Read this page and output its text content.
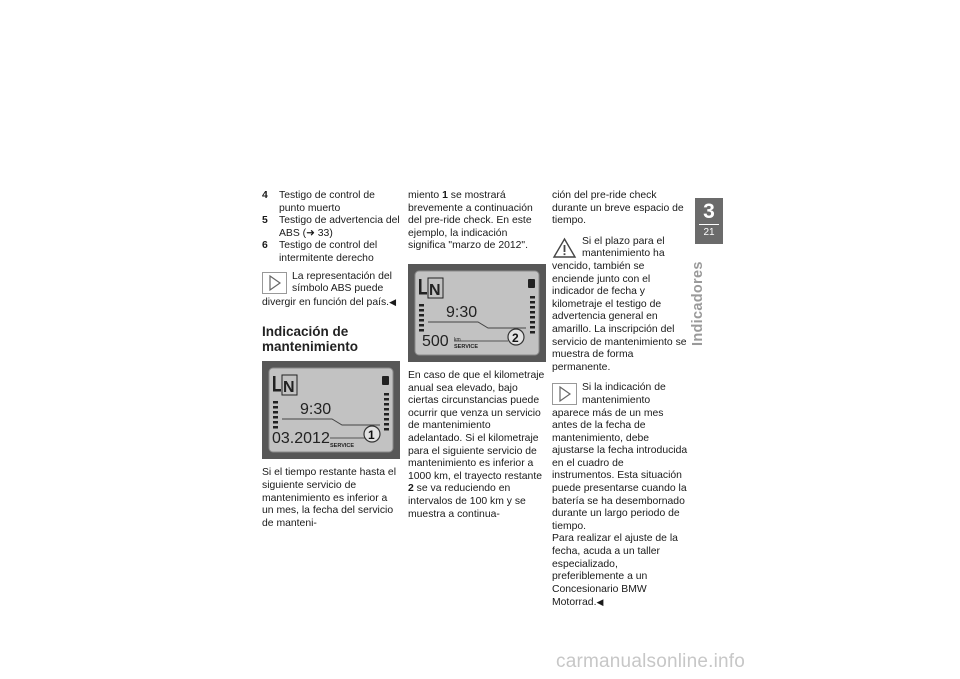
4	Testigo de control de punto muerto
5	Testigo de advertencia del ABS (➜ 33)
6	Testigo de control del intermitente derecho
La representación del símbolo ABS puede divergir en función del país.◀
Indicación de mantenimiento
N
9:30
03.2012 SERVICE
1

Si el tiempo restante hasta el siguiente servicio de mantenimiento es inferior a un mes, la fecha del servicio de manteni-

miento 1 se mostrará brevemente a continuación del pre-ride check. En este ejemplo, la indicación significa "marzo de 2012".

N
9:30
500 km
SERVICE
2

En caso de que el kilometraje anual sea elevado, bajo ciertas circunstancias puede ocurrir que venza un servicio de mantenimiento adelantado. Si el kilometraje para el siguiente servicio de mantenimiento es inferior a 1000 km, el trayecto restante 2 se va reduciendo en intervalos de 100 km y se muestra a continua-

ción del pre-ride check durante un breve espacio de tiempo.

Si el plazo para el mantenimiento ha vencido, también se enciende junto con el indicador de fecha y kilometraje el testigo de advertencia general en amarillo. La inscripción del servicio de mantenimiento se muestra de forma permanente.
Si la indicación de mantenimiento aparece más de un mes antes de la fecha de mantenimiento, debe ajustarse la fecha introducida en el cuadro de instrumentos. Esta situación puede presentarse cuando la batería se ha desembornado durante un largo periodo de tiempo.

Para realizar el ajuste de la fecha, acuda a un taller especializado, preferiblemente a un Concesionario BMW Motorrad.◀

3
21
Indicadores
carmanualsonline.info
